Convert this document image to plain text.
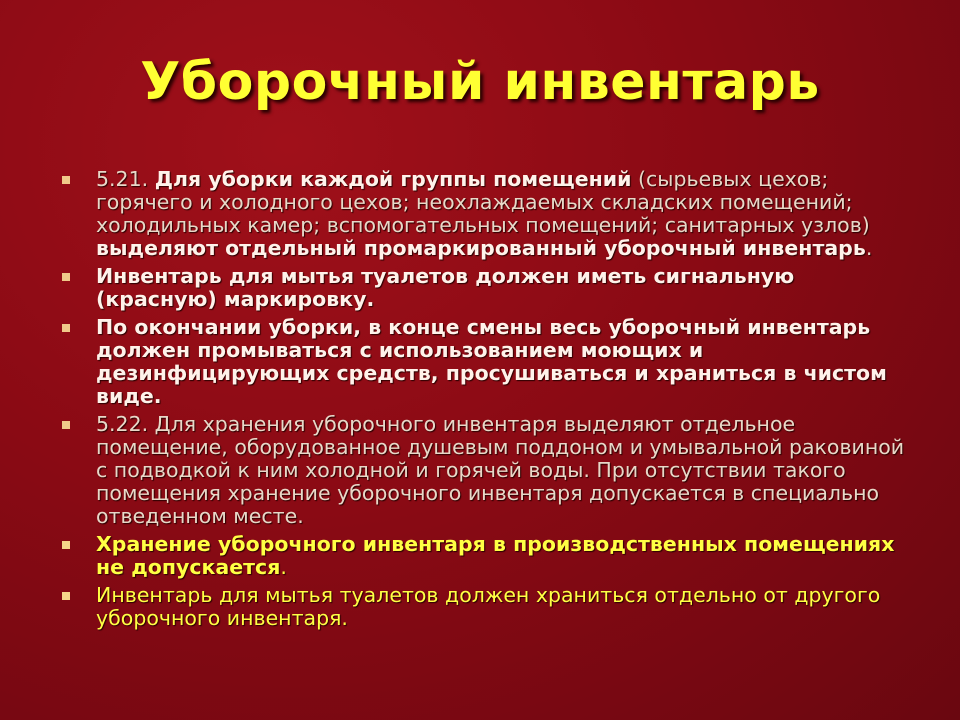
Уборочный инвентарь
5.21. Для уборки каждой группы помещений (сырьевых цехов; горячего и холодного цехов; неохлаждаемых складских помещений; холодильных камер; вспомогательных помещений; санитарных узлов) выделяют отдельный промаркированный уборочный инвентарь.
Инвентарь для мытья туалетов должен иметь сигнальную (красную) маркировку.
По окончании уборки, в конце смены весь уборочный инвентарь должен промываться с использованием моющих и дезинфицирующих средств, просушиваться и храниться в чистом виде.
5.22. Для хранения уборочного инвентаря выделяют отдельное помещение, оборудованное душевым поддоном и умывальной раковиной с подводкой к ним холодной и горячей воды. При отсутствии такого помещения хранение уборочного инвентаря допускается в специально отведенном месте.
Хранение уборочного инвентаря в производственных помещениях не допускается.
Инвентарь для мытья туалетов должен храниться отдельно от другого уборочного инвентаря.
